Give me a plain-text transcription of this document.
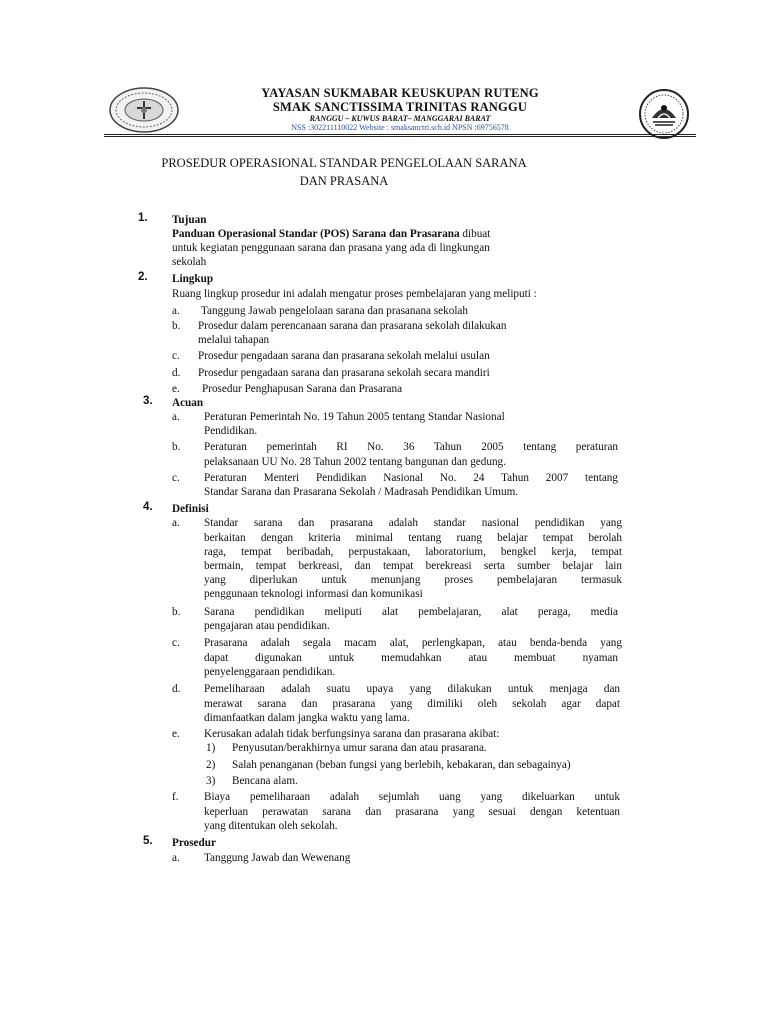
YAYASAN SUKMABAR KEUSKUPAN RUTENG
SMAK SANCTISSIMA TRINITAS RANGGU
RANGGU – KUWUS BARAT– MANGGARAI BARAT
NSS :302211110022 Website : smaksanctri.sch.id NPSN :69756578
PROSEDUR OPERASIONAL STANDAR PENGELOLAAN SARANA
DAN PRASANA
1. Tujuan
Panduan Operasional Standar (POS) Sarana dan Prasarana dibuat
untuk kegiatan penggunaan sarana dan prasana yang ada di lingkungan
sekolah
2. Lingkup
Ruang lingkup prosedur ini adalah mengatur proses pembelajaran yang meliputi :
a. Tanggung Jawab pengelolaan sarana dan prasanana sekolah
b. Prosedur dalam perencanaan sarana dan prasarana sekolah dilakukan
melalui tahapan
c. Prosedur pengadaan sarana dan prasarana sekolah melalui usulan
d. Prosedur pengadaan sarana dan prasarana sekolah secara mandiri
e. Prosedur Penghapusan Sarana dan Prasarana
3. Acuan
a. Peraturan Pemerintah No. 19 Tahun 2005 tentang Standar Nasional
Pendidikan.
b. Peraturan pemerintah RI No. 36 Tahun 2005 tentang peraturan
pelaksanaan UU No. 28 Tahun 2002 tentang bangunan dan gedung.
c. Peraturan Menteri Pendidikan Nasional No. 24 Tahun 2007 tentang
Standar Sarana dan Prasarana Sekolah / Madrasah Pendidikan Umum.
4. Definisi
a. Standar sarana dan prasarana adalah standar nasional pendidikan yang
berkaitan dengan kriteria minimal tentang ruang belajar tempat berolah
raga, tempat beribadah, perpustakaan, laboratorium, bengkel kerja, tempat
bermain, tempat berkreasi, dan tempat berekreasi serta sumber belajar lain
yang diperlukan untuk menunjang proses pembelajaran termasuk
penggunaan teknologi informasi dan komunikasi
b. Sarana pendidikan meliputi alat pembelajaran, alat peraga, media
pengajaran atau pendidikan.
c. Prasarana adalah segala macam alat, perlengkapan, atau benda-benda yang
dapat digunakan untuk memudahkan atau membuat nyaman
penyelenggaraan pendidikan.
d. Pemeliharaan adalah suatu upaya yang dilakukan untuk menjaga dan
merawat sarana dan prasarana yang dimiliki oleh sekolah agar dapat
dimanfaatkan dalam jangka waktu yang lama.
e. Kerusakan adalah tidak berfungsinya sarana dan prasarana akibat:
1) Penyusutan/berakhirnya umur sarana dan atau prasarana.
2) Salah penanganan (beban fungsi yang berlebih, kebakaran, dan sebagainya)
3) Bencana alam.
f. Biaya pemeliharaan adalah sejumlah uang yang dikeluarkan untuk
keperluan perawatan sarana dan prasarana yang sesuai dengan ketentuan
yang ditentukan oleh sekolah.
5. Prosedur
a. Tanggung Jawab dan Wewenang
